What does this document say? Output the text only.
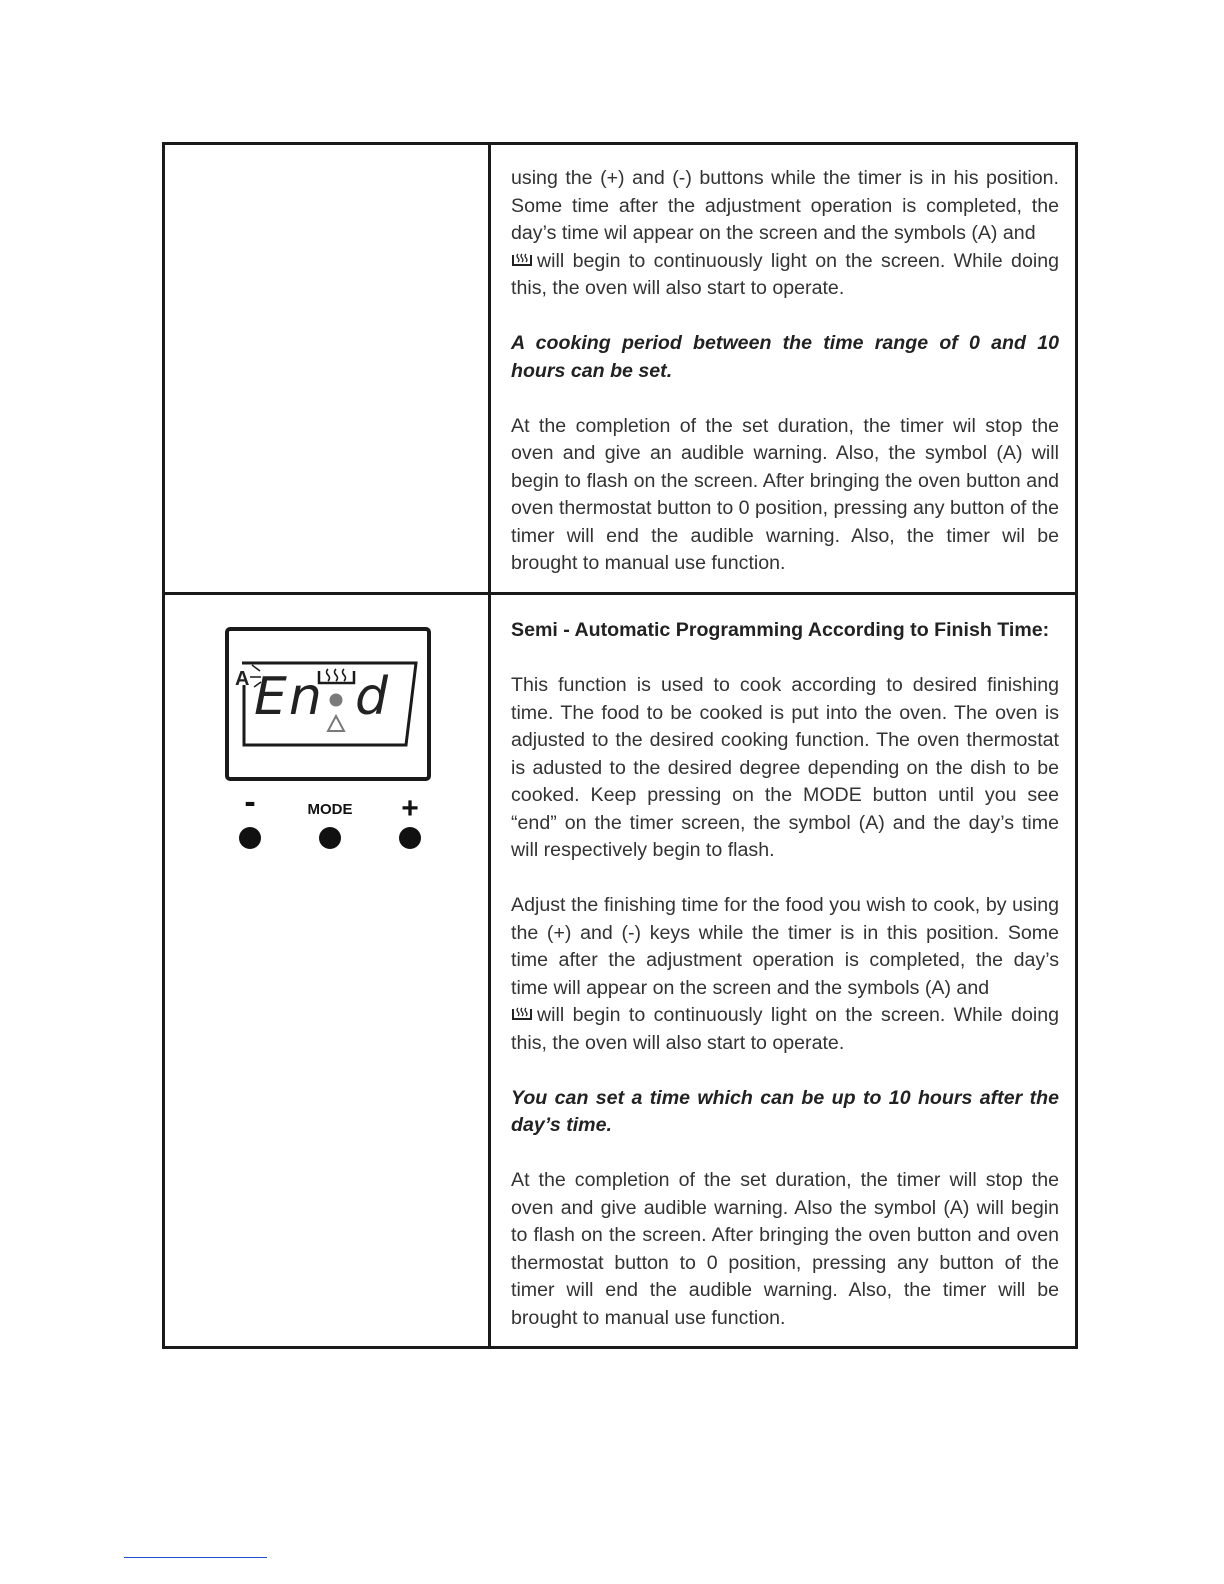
using the (+) and (-) buttons while the timer is in his position. Some time after the adjustment operation is completed, the day’s time wil appear on the screen and the symbols (A) and
will begin to continuously light on the screen. While doing this, the oven will also start to operate.

A cooking period between the time range of 0 and 10 hours can be set.

At the completion of the set duration, the timer wil stop the oven and give an audible warning. Also, the symbol (A) will begin to flash on the screen. After bringing the oven button and oven thermostat button to 0 position, pressing any button of the timer will end the audible warning. Also, the timer wil be brought to manual use function.

A En d
-	MODE	+

Semi - Automatic Programming According to Finish Time:

This function is used to cook according to desired finishing time. The food to be cooked is put into the oven. The oven is adjusted to the desired cooking function. The oven thermostat is adusted to the desired degree depending on the dish to be cooked. Keep pressing on the MODE button until you see “end” on the timer screen, the symbol (A) and the day’s time will respectively begin to flash.

Adjust the finishing time for the food you wish to cook, by using the (+) and (-) keys while the timer is in this position. Some time after the adjustment operation is completed, the day’s time will appear on the screen and the symbols (A) and
will begin to continuously light on the screen. While doing this, the oven will also start to operate.

You can set a time which can be up to 10 hours after the day’s time.

At the completion of the set duration, the timer will stop the oven and give audible warning. Also the symbol (A) will begin to flash on the screen. After bringing the oven button and oven thermostat button to 0 position, pressing any button of the timer will end the audible warning. Also, the timer will be brought to manual use function.
